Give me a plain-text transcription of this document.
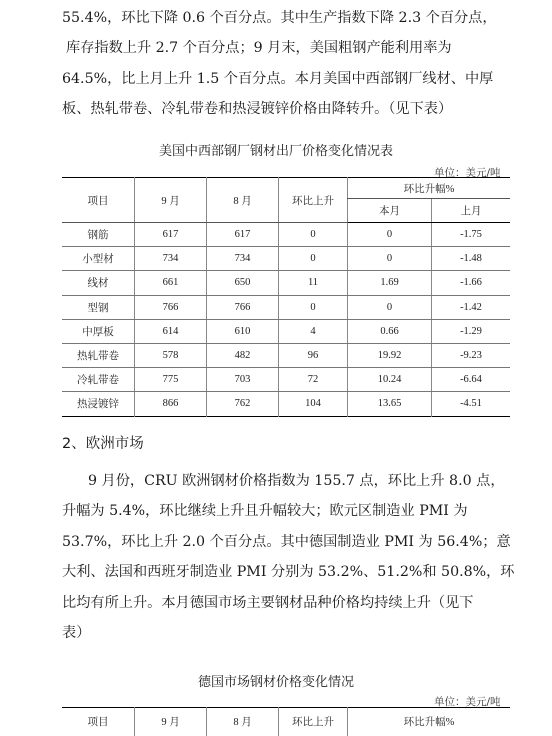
55.4%，环比下降 0.6 个百分点。其中生产指数下降 2.3 个百分点，
库存指数上升 2.7 个百分点；9 月末，美国粗钢产能利用率为
64.5%，比上月上升 1.5 个百分点。本月美国中西部钢厂线材、中厚
板、热轧带卷、冷轧带卷和热浸镀锌价格由降转升。（见下表）
美国中西部钢厂钢材出厂价格变化情况表
单位：美元/吨
项目	9 月	8 月	环比上升	环比升幅%	
				本月	上月
钢筋	617	617	0	0	-1.75
小型材	734	734	0	0	-1.48
线材	661	650	11	1.69	-1.66
型钢	766	766	0	0	-1.42
中厚板	614	610	4	0.66	-1.29
热轧带卷	578	482	96	19.92	-9.23
冷轧带卷	775	703	72	10.24	-6.64
热浸镀锌	866	762	104	13.65	-4.51
2、欧洲市场
9 月份，CRU 欧洲钢材价格指数为 155.7 点，环比上升 8.0 点，
升幅为 5.4%，环比继续上升且升幅较大；欧元区制造业 PMI 为
53.7%，环比上升 2.0 个百分点。其中德国制造业 PMI 为 56.4%；意
大利、法国和西班牙制造业 PMI 分别为 53.2%、51.2%和 50.8%，环
比均有所上升。本月德国市场主要钢材品种价格均持续上升（见下
表）
德国市场钢材价格变化情况
单位：美元/吨
项目	9 月	8 月	环比上升	环比升幅%
